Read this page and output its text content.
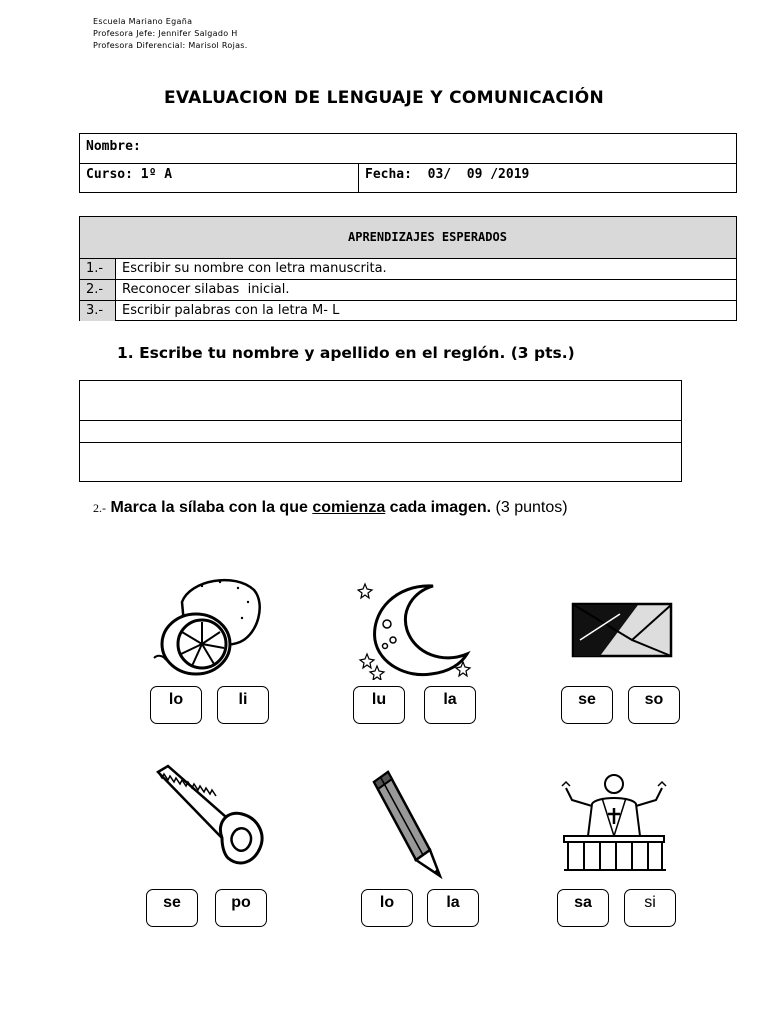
Escuela Mariano Egaña
Profesora Jefe: Jennifer Salgado H
Profesora Diferencial: Marisol Rojas.
EVALUACION DE LENGUAJE Y COMUNICACIÓN
Nombre:
Curso: 1º A	Fecha:  03/  09 /2019
APRENDIZAJES ESPERADOS
1.- Escribir su nombre con letra manuscrita.
2.- Reconocer silabas  inicial.
3.- Escribir palabras con la letra M- L
1. Escribe tu nombre y apellido en el reglón. (3 pts.)
2.- Marca la sílaba con la que comienza cada imagen. (3 puntos)
lo	li	lu	la	se	so
se	po	lo	la	sa	si
